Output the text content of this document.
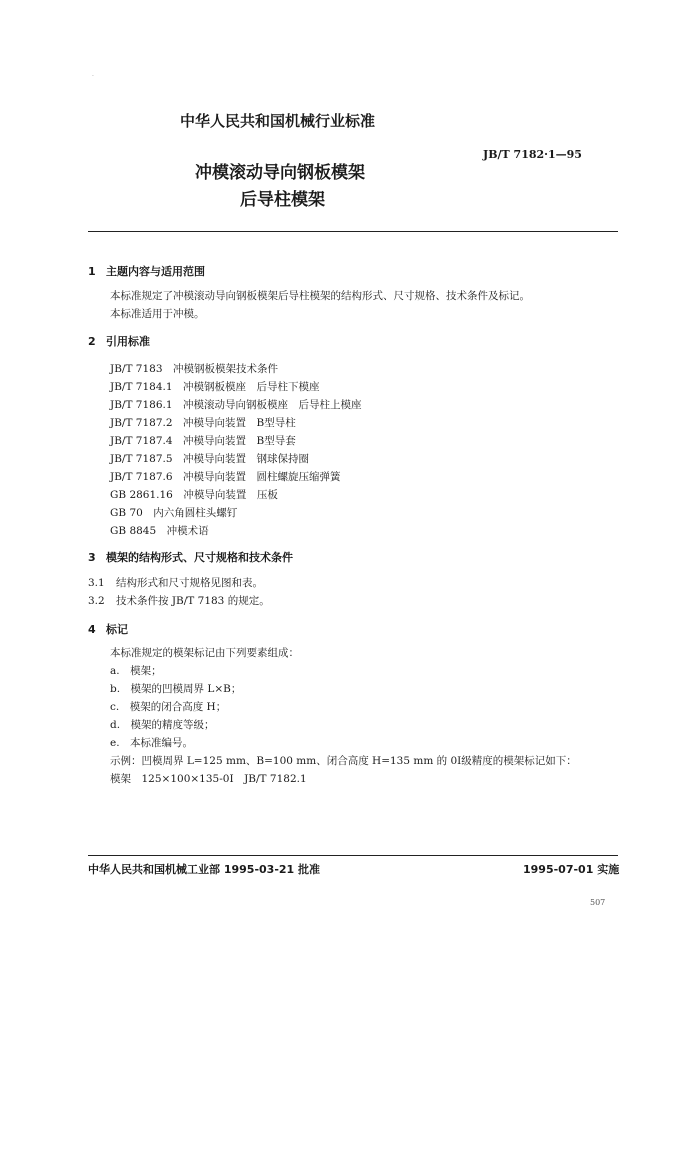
·
中华人民共和国机械行业标准
JB/T 7182·1—95
冲模滚动导向钢板模架
后导柱模架
1 主题内容与适用范围
本标准规定了冲模滚动导向钢板模架后导柱模架的结构形式、尺寸规格、技术条件及标记。
本标准适用于冲模。
2 引用标准
JB/T 7183　冲模钢板模架技术条件
JB/T 7184.1　冲模钢板模座　后导柱下模座
JB/T 7186.1　冲模滚动导向钢板模座　后导柱上模座
JB/T 7187.2　冲模导向装置　B型导柱
JB/T 7187.4　冲模导向装置　B型导套
JB/T 7187.5　冲模导向装置　钢球保持圈
JB/T 7187.6　冲模导向装置　圆柱螺旋压缩弹簧
GB 2861.16　冲模导向装置　压板
GB 70　内六角圆柱头螺钉
GB 8845　冲模术语
3 模架的结构形式、尺寸规格和技术条件
3.1 结构形式和尺寸规格见图和表。
3.2 技术条件按 JB/T 7183 的规定。
4 标记
本标准规定的模架标记由下列要素组成：
a.　模架；
b.　模架的凹模周界 L×B；
c.　模架的闭合高度 H；
d.　模架的精度等级；
e.　本标准编号。
示例：凹模周界 L=125 mm、B=100 mm、闭合高度 H=135 mm 的 0Ⅰ级精度的模架标记如下：
模架　125×100×135-0Ⅰ　JB/T 7182.1
中华人民共和国机械工业部 1995-03-21 批准	1995-07-01 实施
507
